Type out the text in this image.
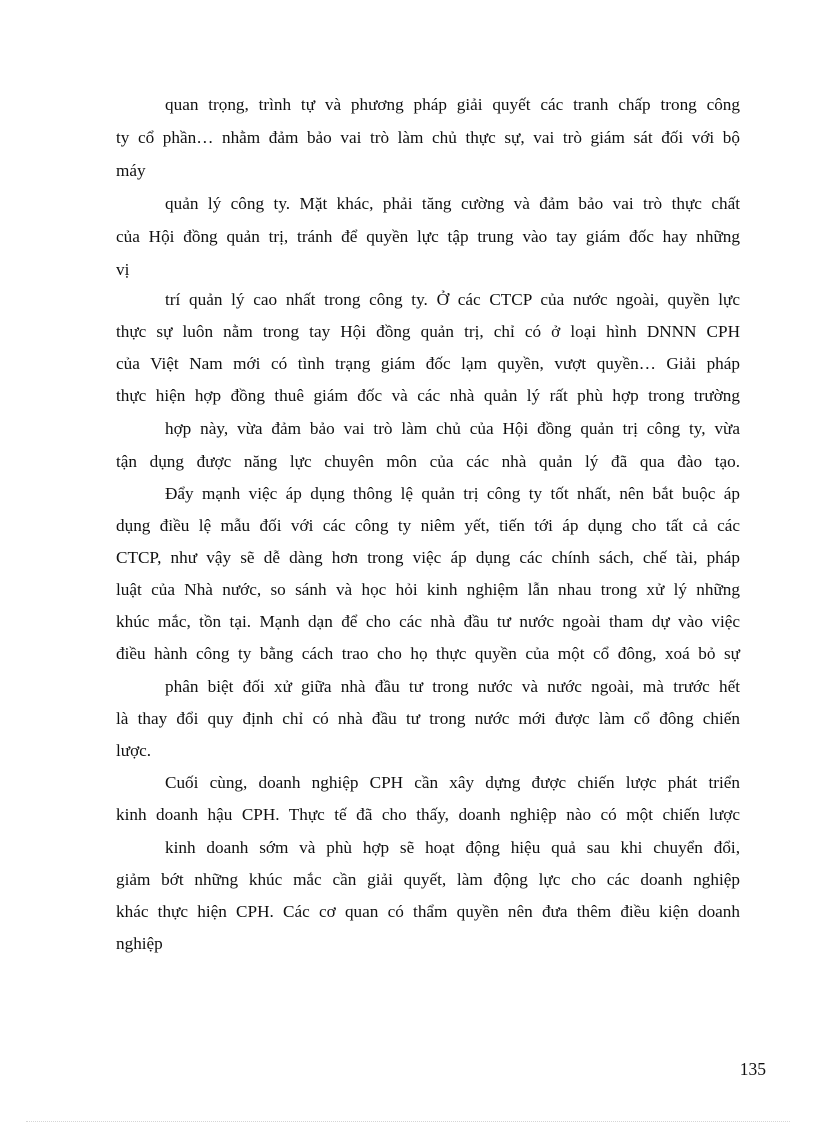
quan trọng, trình tự và phương pháp giải quyết các tranh chấp trong công
ty cổ phần… nhằm đảm bảo vai trò làm chủ thực sự, vai trò giám sát đối với bộ
máy
quản lý công ty. Mặt khác, phải tăng cường và đảm bảo vai trò thực chất
của Hội đồng quản trị, tránh để quyền lực tập trung vào tay giám đốc hay những
vị
trí quản lý cao nhất trong công ty. Ở các CTCP của nước ngoài, quyền lực
thực sự luôn nằm trong tay Hội đồng quản trị, chỉ có ở loại hình DNNN CPH
của Việt Nam mới có tình trạng giám đốc lạm quyền, vượt quyền… Giải pháp
thực hiện hợp đồng thuê giám đốc và các nhà quản lý rất phù hợp trong trường
hợp này, vừa đảm bảo vai trò làm chủ của Hội đồng quản trị công ty, vừa
tận dụng được năng lực chuyên môn của các nhà quản lý đã qua đào tạo.
Đẩy mạnh việc áp dụng thông lệ quản trị công ty tốt nhất, nên bắt buộc áp
dụng điều lệ mẫu đối với các công ty niêm yết, tiến tới áp dụng cho tất cả các
CTCP, như vậy sẽ dễ dàng hơn trong việc áp dụng các chính sách, chế tài, pháp
luật của Nhà nước, so sánh và học hỏi kinh nghiệm lẫn nhau trong xử lý những
khúc mắc, tồn tại. Mạnh dạn để cho các nhà đầu tư nước ngoài tham dự vào việc
điều hành công ty bằng cách trao cho họ thực quyền của một cổ đông, xoá bỏ sự
phân biệt đối xử giữa nhà đầu tư trong nước và nước ngoài, mà trước hết
là thay đổi quy định chỉ có nhà đầu tư trong nước mới được làm cổ đông chiến
lược.
Cuối cùng, doanh nghiệp CPH cần xây dựng được chiến lược phát triển
kinh doanh hậu CPH. Thực tế đã cho thấy, doanh nghiệp nào có một chiến lược
kinh doanh sớm và phù hợp sẽ hoạt động hiệu quả sau khi chuyển đổi,
giảm bớt những khúc mắc cần giải quyết, làm động lực cho các doanh nghiệp
khác thực hiện CPH. Các cơ quan có thẩm quyền nên đưa thêm điều kiện doanh
nghiệp
135
